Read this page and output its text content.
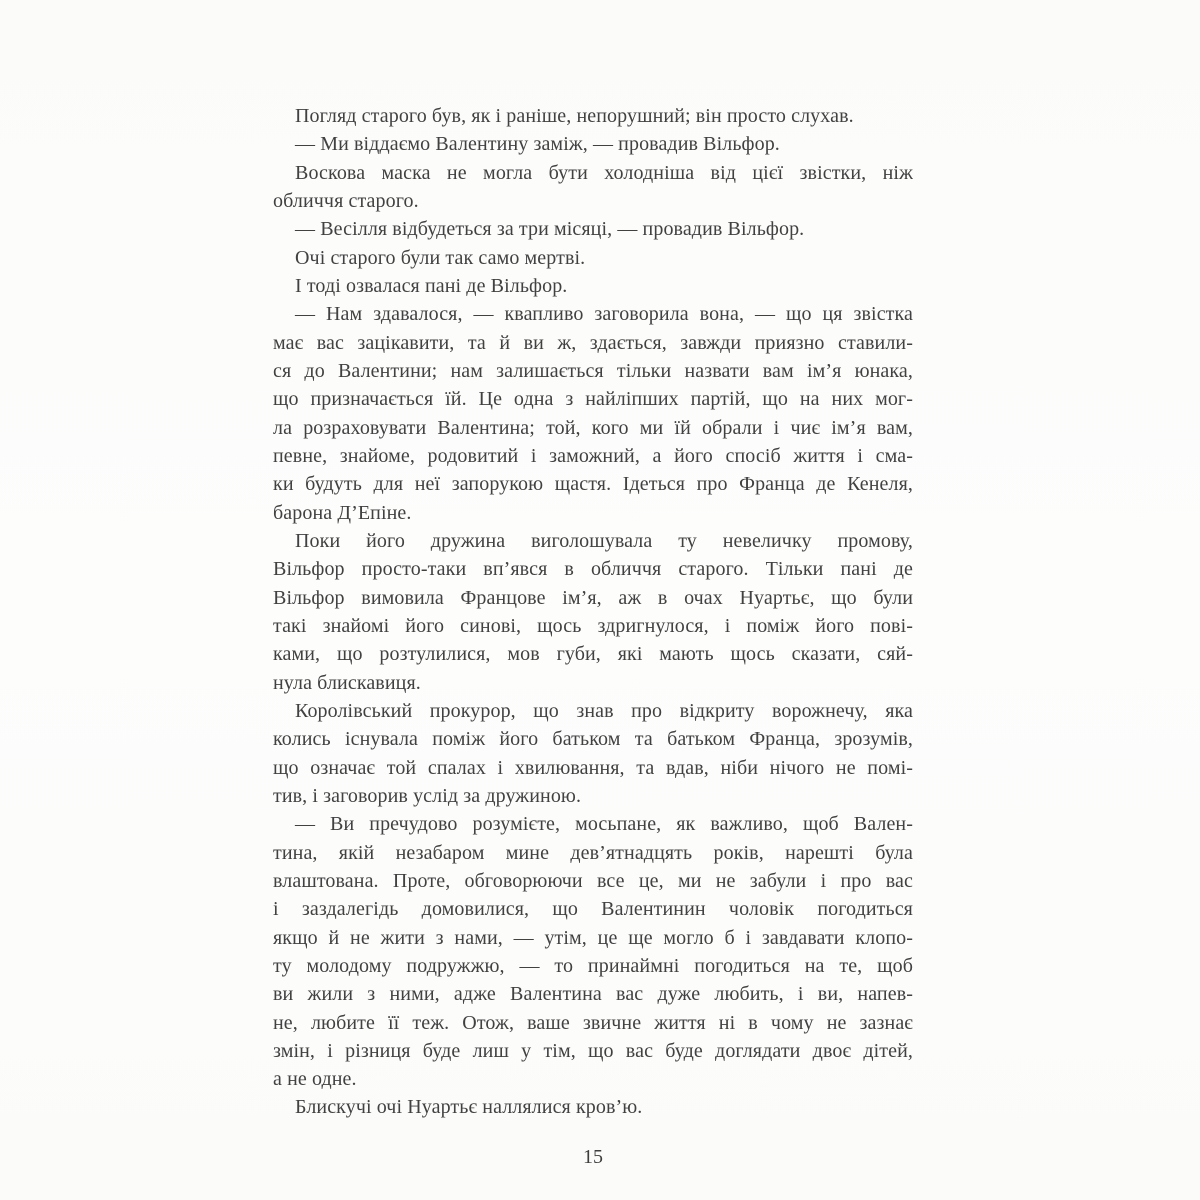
Погляд старого був, як і раніше, непорушний; він просто слухав.
— Ми віддаємо Валентину заміж, — провадив Вільфор.
Воскова маска не могла бути холодніша від цієї звістки, ніж
обличчя старого.
— Весілля відбудеться за три місяці, — провадив Вільфор.
Очі старого були так само мертві.
І тоді озвалася пані де Вільфор.
— Нам здавалося, — квапливо заговорила вона, — що ця звістка
має вас зацікавити, та й ви ж, здається, завжди приязно ставили-
ся до Валентини; нам залишається тільки назвати вам ім’я юнака,
що призначається їй. Це одна з найліпших партій, що на них мог-
ла розраховувати Валентина; той, кого ми їй обрали і чиє ім’я вам,
певне, знайоме, родовитий і заможний, а його спосіб життя і сма-
ки будуть для неї запорукою щастя. Ідеться про Франца де Кенеля,
барона Д’Епіне.
Поки його дружина виголошувала ту невеличку промову,
Вільфор просто-таки вп’явся в обличчя старого. Тільки пані де
Вільфор вимовила Францове ім’я, аж в очах Нуартьє, що були
такі знайомі його синові, щось здригнулося, і поміж його пові-
ками, що розтулилися, мов губи, які мають щось сказати, сяй-
нула блискавиця.
Королівський прокурор, що знав про відкриту ворожнечу, яка
колись існувала поміж його батьком та батьком Франца, зрозумів,
що означає той спалах і хвилювання, та вдав, ніби нічого не помі-
тив, і заговорив услід за дружиною.
— Ви пречудово розумієте, мосьпане, як важливо, щоб Вален-
тина, якій незабаром мине дев’ятнадцять років, нарешті була
влаштована. Проте, обговорюючи все це, ми не забули і про вас
і заздалегідь домовилися, що Валентинин чоловік погодиться
якщо й не жити з нами, — утім, це ще могло б і завдавати клопо-
ту молодому подружжю, — то принаймні погодиться на те, щоб
ви жили з ними, адже Валентина вас дуже любить, і ви, напев-
не, любите її теж. Отож, ваше звичне життя ні в чому не зазнає
змін, і різниця буде лиш у тім, що вас буде доглядати двоє дітей,
а не одне.
Блискучі очі Нуартьє наллялися кров’ю.
15
